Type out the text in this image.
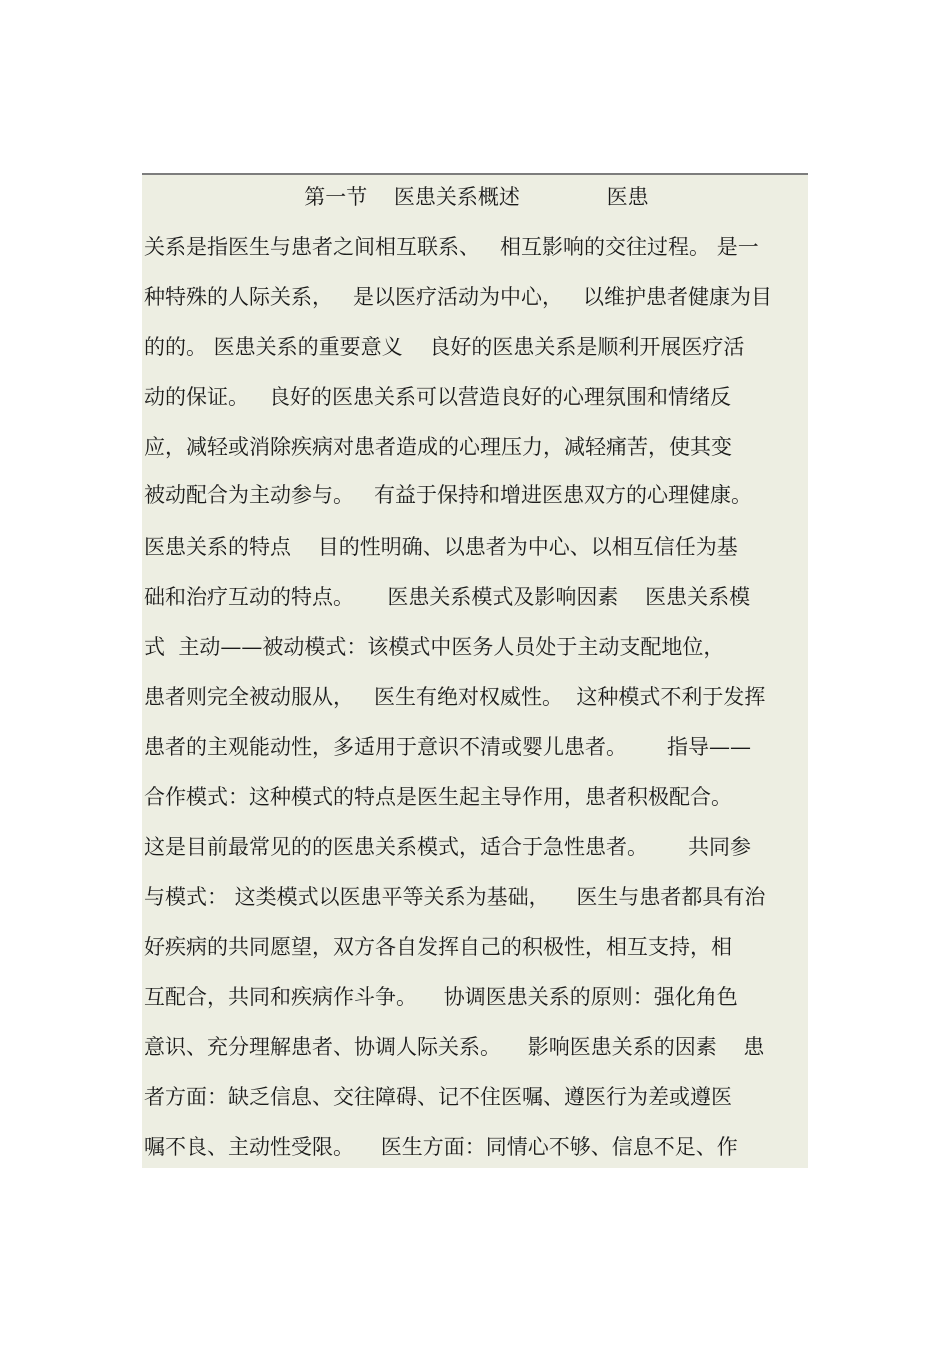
第一节    医患关系概述             医患
关系是指医生与患者之间相互联系、   相互影响的交往过程。 是一
种特殊的人际关系，   是以医疗活动为中心，   以维护患者健康为目
的的。 医患关系的重要意义    良好的医患关系是顺利开展医疗活
动的保证。   良好的医患关系可以营造良好的心理氛围和情绪反
应，减轻或消除疾病对患者造成的心理压力，减轻痛苦，使其变
被动配合为主动参与。   有益于保持和增进医患双方的心理健康。
医患关系的特点    目的性明确、以患者为中心、以相互信任为基
础和治疗互动的特点。     医患关系模式及影响因素    医患关系模
式  主动——被动模式：该模式中医务人员处于主动支配地位，
患者则完全被动服从，   医生有绝对权威性。  这种模式不利于发挥
患者的主观能动性，多适用于意识不清或婴儿患者。      指导——
合作模式：这种模式的特点是医生起主导作用，患者积极配合。
这是目前最常见的的医患关系模式，适合于急性患者。      共同参
与模式： 这类模式以医患平等关系为基础，    医生与患者都具有治
好疾病的共同愿望，双方各自发挥自己的积极性，相互支持，相
互配合，共同和疾病作斗争。    协调医患关系的原则：强化角色
意识、充分理解患者、协调人际关系。    影响医患关系的因素    患
者方面：缺乏信息、交往障碍、记不住医嘱、遵医行为差或遵医
嘱不良、主动性受限。    医生方面：同情心不够、信息不足、作
